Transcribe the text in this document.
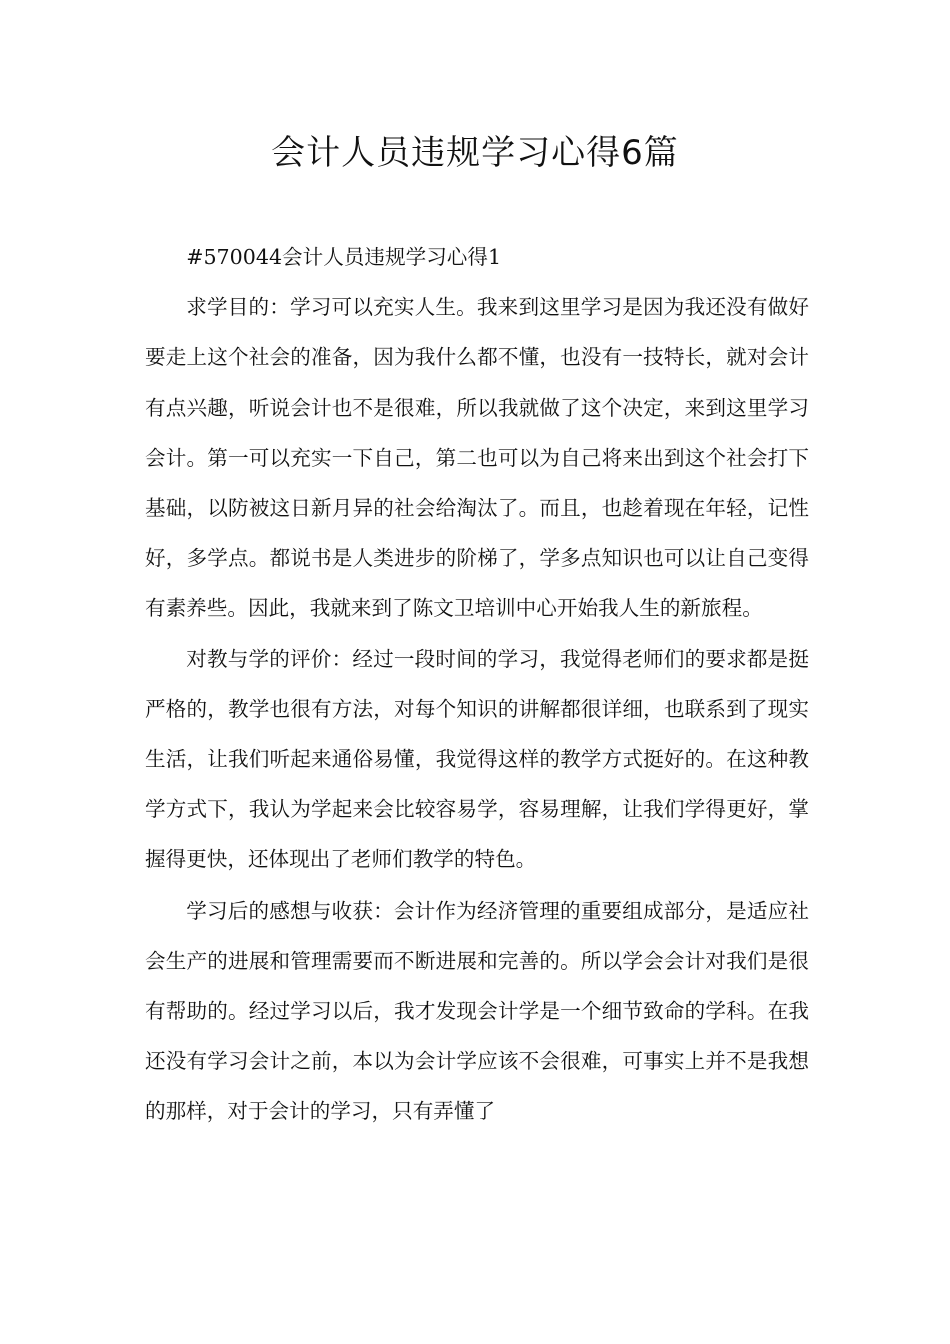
会计人员违规学习心得6篇

#570044会计人员违规学习心得1

求学目的：学习可以充实人生。我来到这里学习是因为我还没有做好要走上这个社会的准备，因为我什么都不懂，也没有一技特长，就对会计有点兴趣，听说会计也不是很难，所以我就做了这个决定，来到这里学习会计。第一可以充实一下自己，第二也可以为自己将来出到这个社会打下基础，以防被这日新月异的社会给淘汰了。而且，也趁着现在年轻，记性好，多学点。都说书是人类进步的阶梯了，学多点知识也可以让自己变得有素养些。因此，我就来到了陈文卫培训中心开始我人生的新旅程。

对教与学的评价：经过一段时间的学习，我觉得老师们的要求都是挺严格的，教学也很有方法，对每个知识的讲解都很详细，也联系到了现实生活，让我们听起来通俗易懂，我觉得这样的教学方式挺好的。在这种教学方式下，我认为学起来会比较容易学，容易理解，让我们学得更好，掌握得更快，还体现出了老师们教学的特色。

学习后的感想与收获：会计作为经济管理的重要组成部分，是适应社会生产的进展和管理需要而不断进展和完善的。所以学会会计对我们是很有帮助的。经过学习以后，我才发现会计学是一个细节致命的学科。在我还没有学习会计之前，本以为会计学应该不会很难，可事实上并不是我想的那样，对于会计的学习，只有弄懂了
